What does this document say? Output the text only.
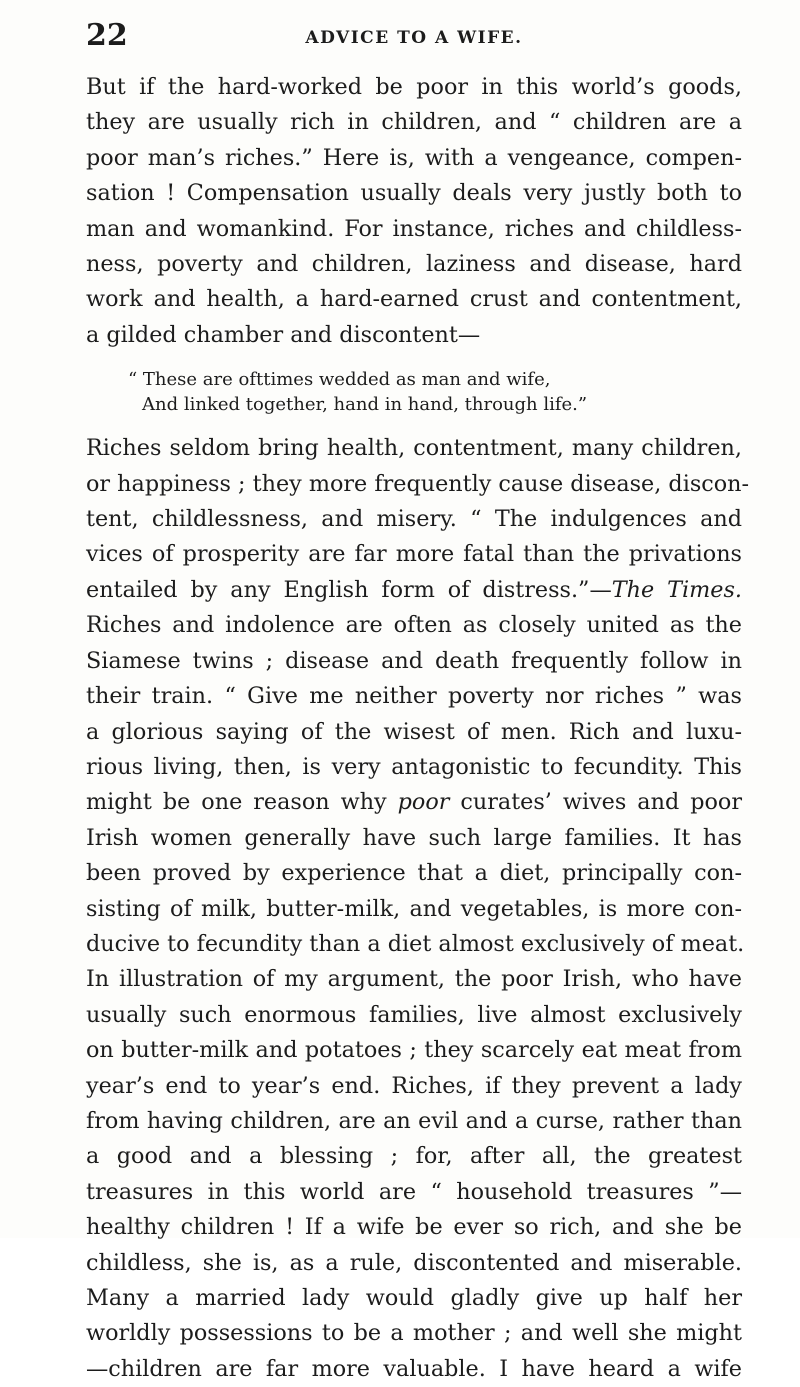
22	ADVICE TO A WIFE.

But if the hard-worked be poor in this world’s goods,
they are usually rich in children, and “ children are a
poor man’s riches.” Here is, with a vengeance, compen-
sation ! Compensation usually deals very justly both to
man and womankind. For instance, riches and childless-
ness, poverty and children, laziness and disease, hard
work and health, a hard-earned crust and contentment,
a gilded chamber and discontent—

“ These are ofttimes wedded as man and wife,
And linked together, hand in hand, through life.”

Riches seldom bring health, contentment, many children,
or happiness ; they more frequently cause disease, discon-
tent, childlessness, and misery. “ The indulgences and
vices of prosperity are far more fatal than the privations
entailed by any English form of distress.”—The Times.
Riches and indolence are often as closely united as the
Siamese twins ; disease and death frequently follow in
their train. “ Give me neither poverty nor riches ” was
a glorious saying of the wisest of men. Rich and luxu-
rious living, then, is very antagonistic to fecundity. This
might be one reason why poor curates’ wives and poor
Irish women generally have such large families. It has
been proved by experience that a diet, principally con-
sisting of milk, butter-milk, and vegetables, is more con-
ducive to fecundity than a diet almost exclusively of meat.
In illustration of my argument, the poor Irish, who have
usually such enormous families, live almost exclusively
on butter-milk and potatoes ; they scarcely eat meat from
year’s end to year’s end. Riches, if they prevent a lady
from having children, are an evil and a curse, rather than
a good and a blessing ; for, after all, the greatest
treasures in this world are “ household treasures ”—
healthy children ! If a wife be ever so rich, and she be
childless, she is, as a rule, discontented and miserable.
Many a married lady would gladly give up half her
worldly possessions to be a mother ; and well she might
—children are far more valuable. I have heard a wife
